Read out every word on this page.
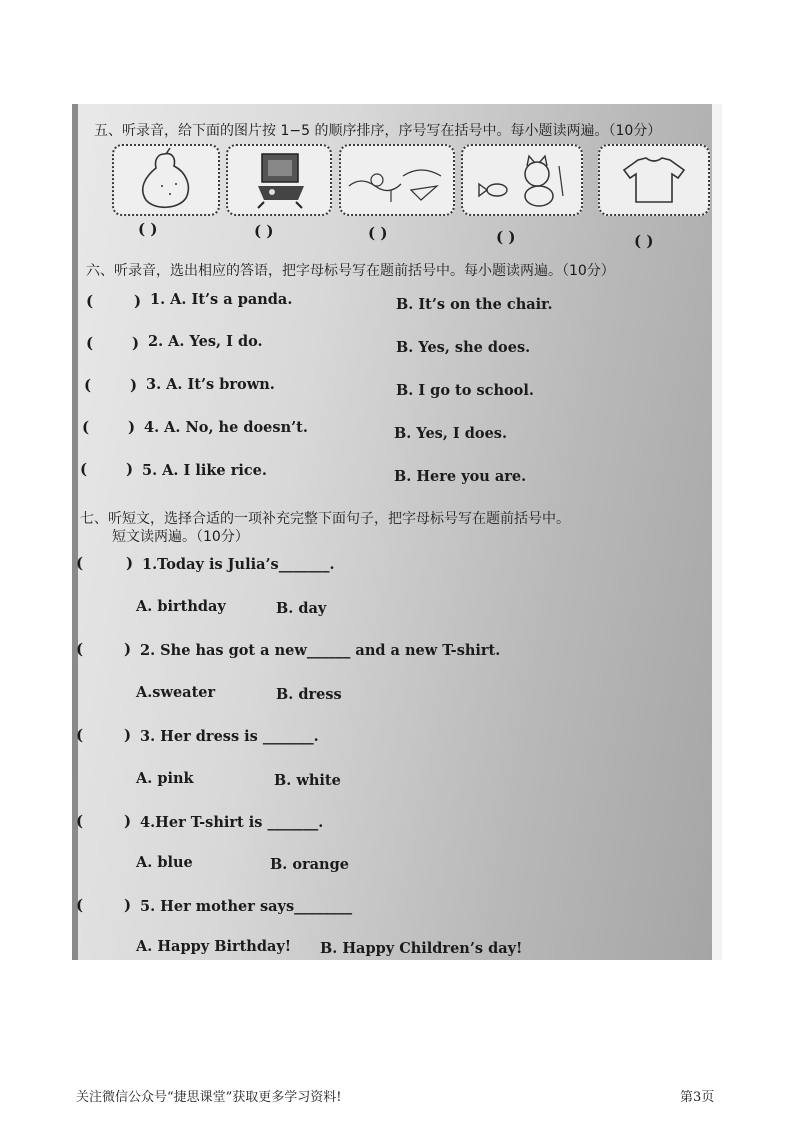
五、听录音，给下面的图片按 1−5 的顺序排序，序号写在括号中。每小题读两遍。（10分）
( )	( )	( )	( )	( )
六、听录音，选出相应的答语，把字母标号写在题前括号中。每小题读两遍。（10分）
(	) 1. A. It’s a panda.	B. It’s on the chair.
(	) 2. A. Yes, I do.	B. Yes, she does.
(	) 3. A. It’s brown.	B. I go to school.
(	) 4. A. No, he doesn’t.	B. Yes, I does.
(	) 5. A. I like rice.	B. Here you are.
七、听短文，选择合适的一项补充完整下面句子，把字母标号写在题前括号中。
短文读两遍。（10分）
(	) 1.Today is Julia’s_______.
A. birthday	B. day
(	) 2. She has got a new______ and a new T-shirt.
A.sweater	B. dress
(	) 3. Her dress is _______.
A. pink	B. white
(	) 4.Her T-shirt is _______.
A. blue	B. orange
(	) 5. Her mother says________
A. Happy Birthday! B. Happy Children’s day!
关注微信公众号“捷思课堂”获取更多学习资料!	第3页
